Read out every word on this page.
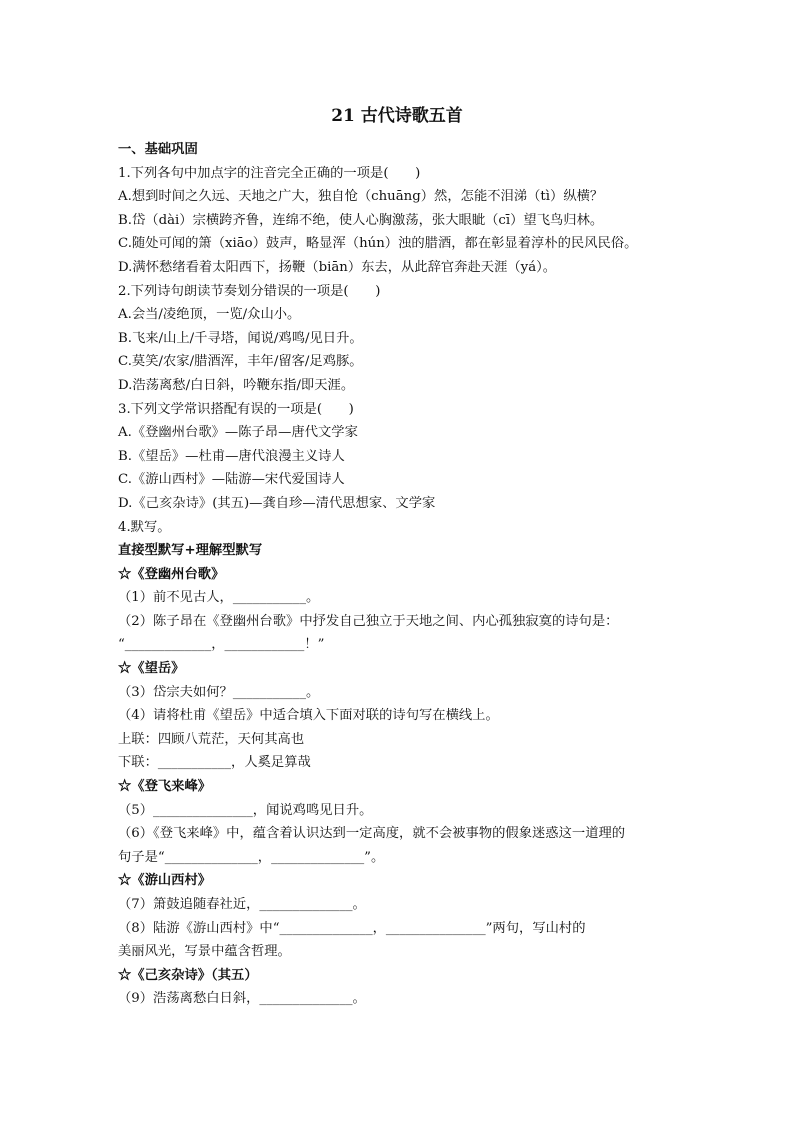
21 古代诗歌五首
一、基础巩固
1.下列各句中加点字的注音完全正确的一项是(　　)
A.想到时间之久远、天地之广大，独自怆（chuāng）然，怎能不泪涕（tì）纵横？
B.岱（dài）宗横跨齐鲁，连绵不绝，使人心胸激荡，张大眼眦（cī）望飞鸟归林。
C.随处可闻的箫（xiāo）鼓声，略显浑（hún）浊的腊酒，都在彰显着淳朴的民风民俗。
D.满怀愁绪看着太阳西下，扬鞭（biān）东去，从此辞官奔赴天涯（yá）。
2.下列诗句朗读节奏划分错误的一项是(　　)
A.会当/凌绝顶，一览/众山小。
B.飞来/山上/千寻塔，闻说/鸡鸣/见日升。
C.莫笑/农家/腊酒浑，丰年/留客/足鸡豚。
D.浩荡离愁/白日斜，吟鞭东指/即天涯。
3.下列文学常识搭配有误的一项是(　　)
A.《登幽州台歌》—陈子昂—唐代文学家
B.《望岳》—杜甫—唐代浪漫主义诗人
C.《游山西村》—陆游—宋代爱国诗人
D.《己亥杂诗》(其五)—龚自珍—清代思想家、文学家
4.默写。
直接型默写+理解型默写
☆《登幽州台歌》
（1）前不见古人，___________。
（2）陈子昂在《登幽州台歌》中抒发自己独立于天地之间、内心孤独寂寞的诗句是：
“_____________，____________！”
☆《望岳》
（3）岱宗夫如何？___________。
（4）请将杜甫《望岳》中适合填入下面对联的诗句写在横线上。
上联：四顾八荒茫，天何其高也
下联：___________，人奚足算哉
☆《登飞来峰》
（5）_______________，闻说鸡鸣见日升。
（6）《登飞来峰》中，蕴含着认识达到一定高度，就不会被事物的假象迷惑这一道理的
句子是“______________，______________”。
☆《游山西村》
（7）箫鼓追随春社近，______________。
（8）陆游《游山西村》中“______________，_______________”两句，写山村的
美丽风光，写景中蕴含哲理。
☆《己亥杂诗》（其五）
（9）浩荡离愁白日斜，______________。
